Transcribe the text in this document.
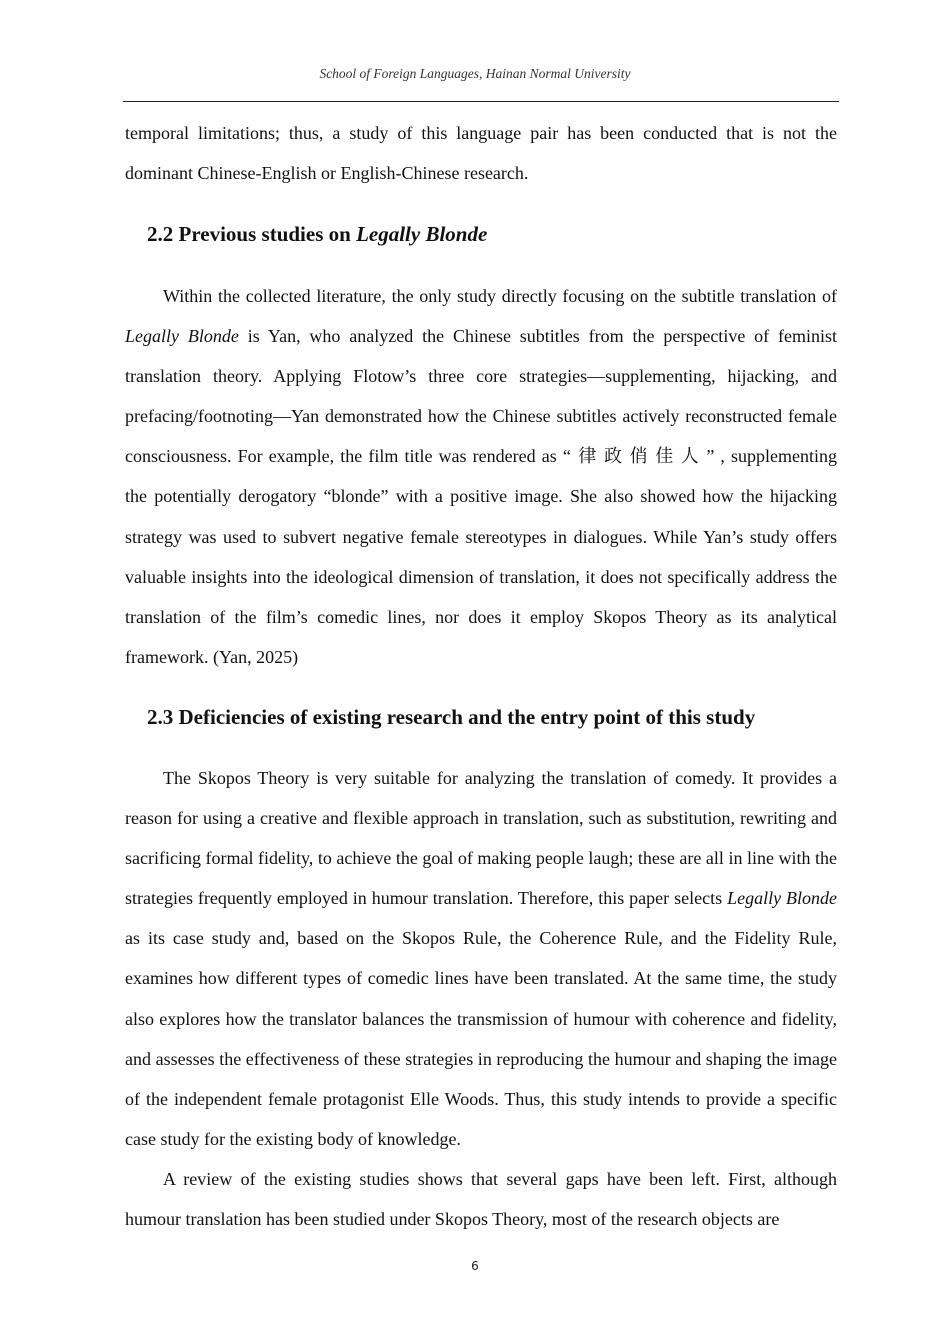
School of Foreign Languages, Hainan Normal University

temporal limitations; thus, a study of this language pair has been conducted that is not the dominant Chinese-English or English-Chinese research.

2.2 Previous studies on Legally Blonde

Within the collected literature, the only study directly focusing on the subtitle translation of Legally Blonde is Yan, who analyzed the Chinese subtitles from the perspective of feminist translation theory. Applying Flotow’s three core strategies—supplementing, hijacking, and prefacing/footnoting—Yan demonstrated how the Chinese subtitles actively reconstructed female consciousness. For example, the film title was rendered as “律政俏佳人”, supplementing the potentially derogatory “blonde” with a positive image. She also showed how the hijacking strategy was used to subvert negative female stereotypes in dialogues. While Yan’s study offers valuable insights into the ideological dimension of translation, it does not specifically address the translation of the film’s comedic lines, nor does it employ Skopos Theory as its analytical framework. (Yan, 2025)

2.3 Deficiencies of existing research and the entry point of this study

The Skopos Theory is very suitable for analyzing the translation of comedy. It provides a reason for using a creative and flexible approach in translation, such as substitution, rewriting and sacrificing formal fidelity, to achieve the goal of making people laugh; these are all in line with the strategies frequently employed in humour translation. Therefore, this paper selects Legally Blonde as its case study and, based on the Skopos Rule, the Coherence Rule, and the Fidelity Rule, examines how different types of comedic lines have been translated. At the same time, the study also explores how the translator balances the transmission of humour with coherence and fidelity, and assesses the effectiveness of these strategies in reproducing the humour and shaping the image of the independent female protagonist Elle Woods. Thus, this study intends to provide a specific case study for the existing body of knowledge.

A review of the existing studies shows that several gaps have been left. First, although humour translation has been studied under Skopos Theory, most of the research objects are

6
